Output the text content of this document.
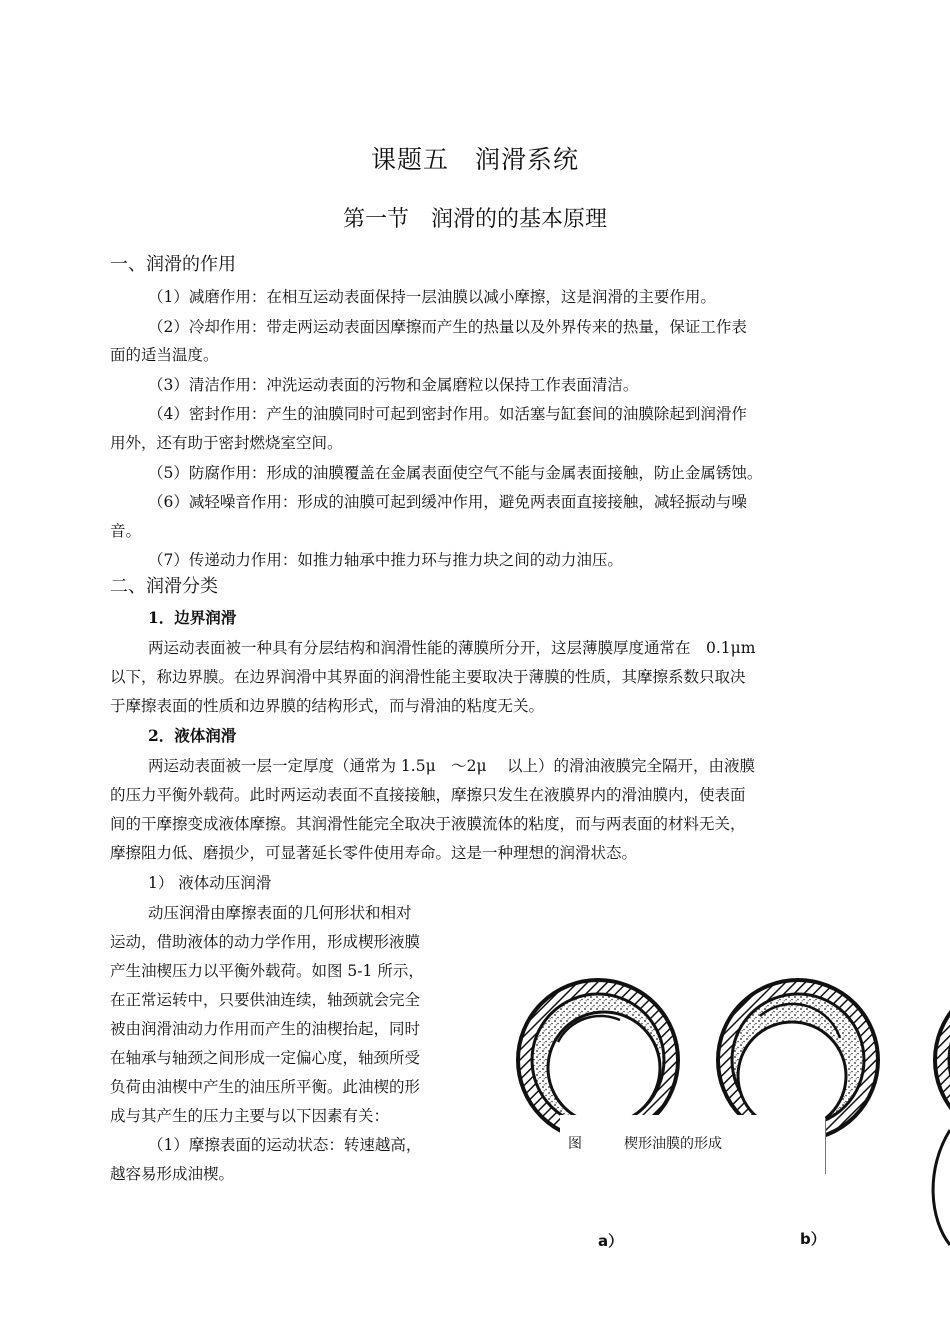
课题五　润滑系统
第一节　润滑的的基本原理
一、润滑的作用
（1）减磨作用：在相互运动表面保持一层油膜以减小摩擦，这是润滑的主要作用。
（2）冷却作用：带走两运动表面因摩擦而产生的热量以及外界传来的热量，保证工作表
面的适当温度。
（3）清洁作用：冲洗运动表面的污物和金属磨粒以保持工作表面清洁。
（4）密封作用：产生的油膜同时可起到密封作用。如活塞与缸套间的油膜除起到润滑作
用外，还有助于密封燃烧室空间。
（5）防腐作用：形成的油膜覆盖在金属表面使空气不能与金属表面接触，防止金属锈蚀。
（6）减轻噪音作用：形成的油膜可起到缓冲作用，避免两表面直接接触，减轻振动与噪
音。
（7）传递动力作用：如推力轴承中推力环与推力块之间的动力油压。
二、润滑分类
1．边界润滑
两运动表面被一种具有分层结构和润滑性能的薄膜所分开，这层薄膜厚度通常在　0.1μm
以下，称边界膜。在边界润滑中其界面的润滑性能主要取决于薄膜的性质，其摩擦系数只取决
于摩擦表面的性质和边界膜的结构形式，而与滑油的粘度无关。
2．液体润滑
两运动表面被一层一定厚度（通常为 1.5μ　～2μ　 以上）的滑油液膜完全隔开，由液膜
的压力平衡外载荷。此时两运动表面不直接接触，摩擦只发生在液膜界内的滑油膜内，使表面
间的干摩擦变成液体摩擦。其润滑性能完全取决于液膜流体的粘度，而与两表面的材料无关，
摩擦阻力低、磨损少，可显著延长零件使用寿命。这是一种理想的润滑状态。
1） 液体动压润滑
动压润滑由摩擦表面的几何形状和相对
运动，借助液体的动力学作用，形成楔形液膜
产生油楔压力以平衡外载荷。如图 5-1 所示，
在正常运转中，只要供油连续，轴颈就会完全
被由润滑油动力作用而产生的油楔抬起，同时
在轴承与轴颈之间形成一定偏心度，轴颈所受
负荷由油楔中产生的油压所平衡。此油楔的形
成与其产生的压力主要与以下因素有关：
（1）摩擦表面的运动状态：转速越高，
越容易形成油楔。
图	楔形油膜的形成
a）	b）
